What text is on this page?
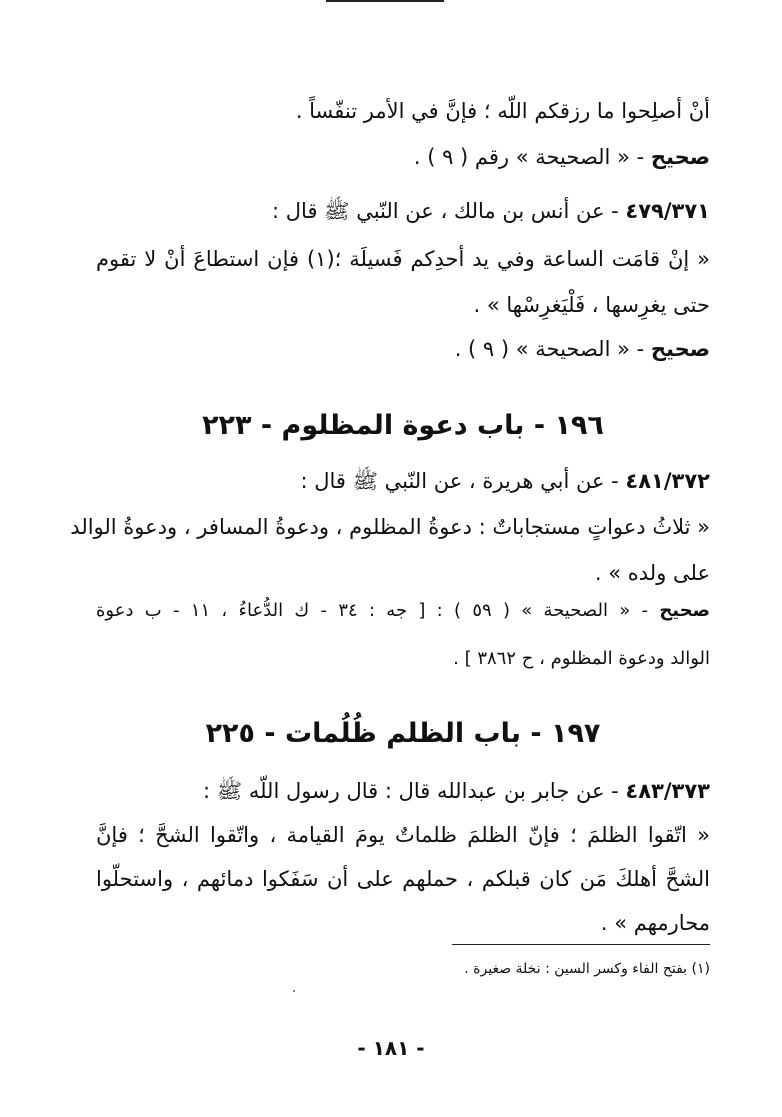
أنْ أصلِحوا ما رزقكم اللّه ؛ فإنَّ في الأمر تنفّساً .
صحيح - « الصحيحة » رقم ( ٩ ) .
٤٧٩/٣٧١ - عن أنس بن مالك ، عن النّبي ﷺ قال :
« إنْ قامَت الساعة وفي يد أحدِكم فَسيلَة ؛(١) فإن استطاعَ أنْ لا تقوم
حتى يغرِسها ، فَلْيَغرِسْها » .
صحيح - « الصحيحة » ( ٩ ) .
١٩٦ - باب دعوة المظلوم - ٢٢٣
٤٨١/٣٧٢ - عن أبي هريرة ، عن النّبي ﷺ قال :
« ثلاثُ دعواتٍ مستجاباتٌ : دعوةُ المظلوم ، ودعوةُ المسافر ، ودعوةُ الوالد
على ولده » .
صحيح - « الصحيحة » ( ٥٩ ) : [ جه : ٣٤ - ك الدُّعاءُ ، ١١ - ب دعوة
الوالد ودعوة المظلوم ، ح ٣٨٦٢ ] .
١٩٧ - باب الظلم ظُلُمات - ٢٢٥
٤٨٣/٣٧٣ - عن جابر بن عبدالله قال : قال رسول اللّه ﷺ :
« اتّقوا الظلمَ ؛ فإنّ الظلمَ ظلماتٌ يومَ القيامة ، واتّقوا الشحَّ ؛ فإنَّ
الشحَّ أهلكَ مَن كان قبلكم ، حملهم على أن سَفَكوا دمائهم ، واستحلّوا
محارمهم » .
(١) بفتح الفاء وكسر السين : نخلة صغيرة .
- ١٨١ -
